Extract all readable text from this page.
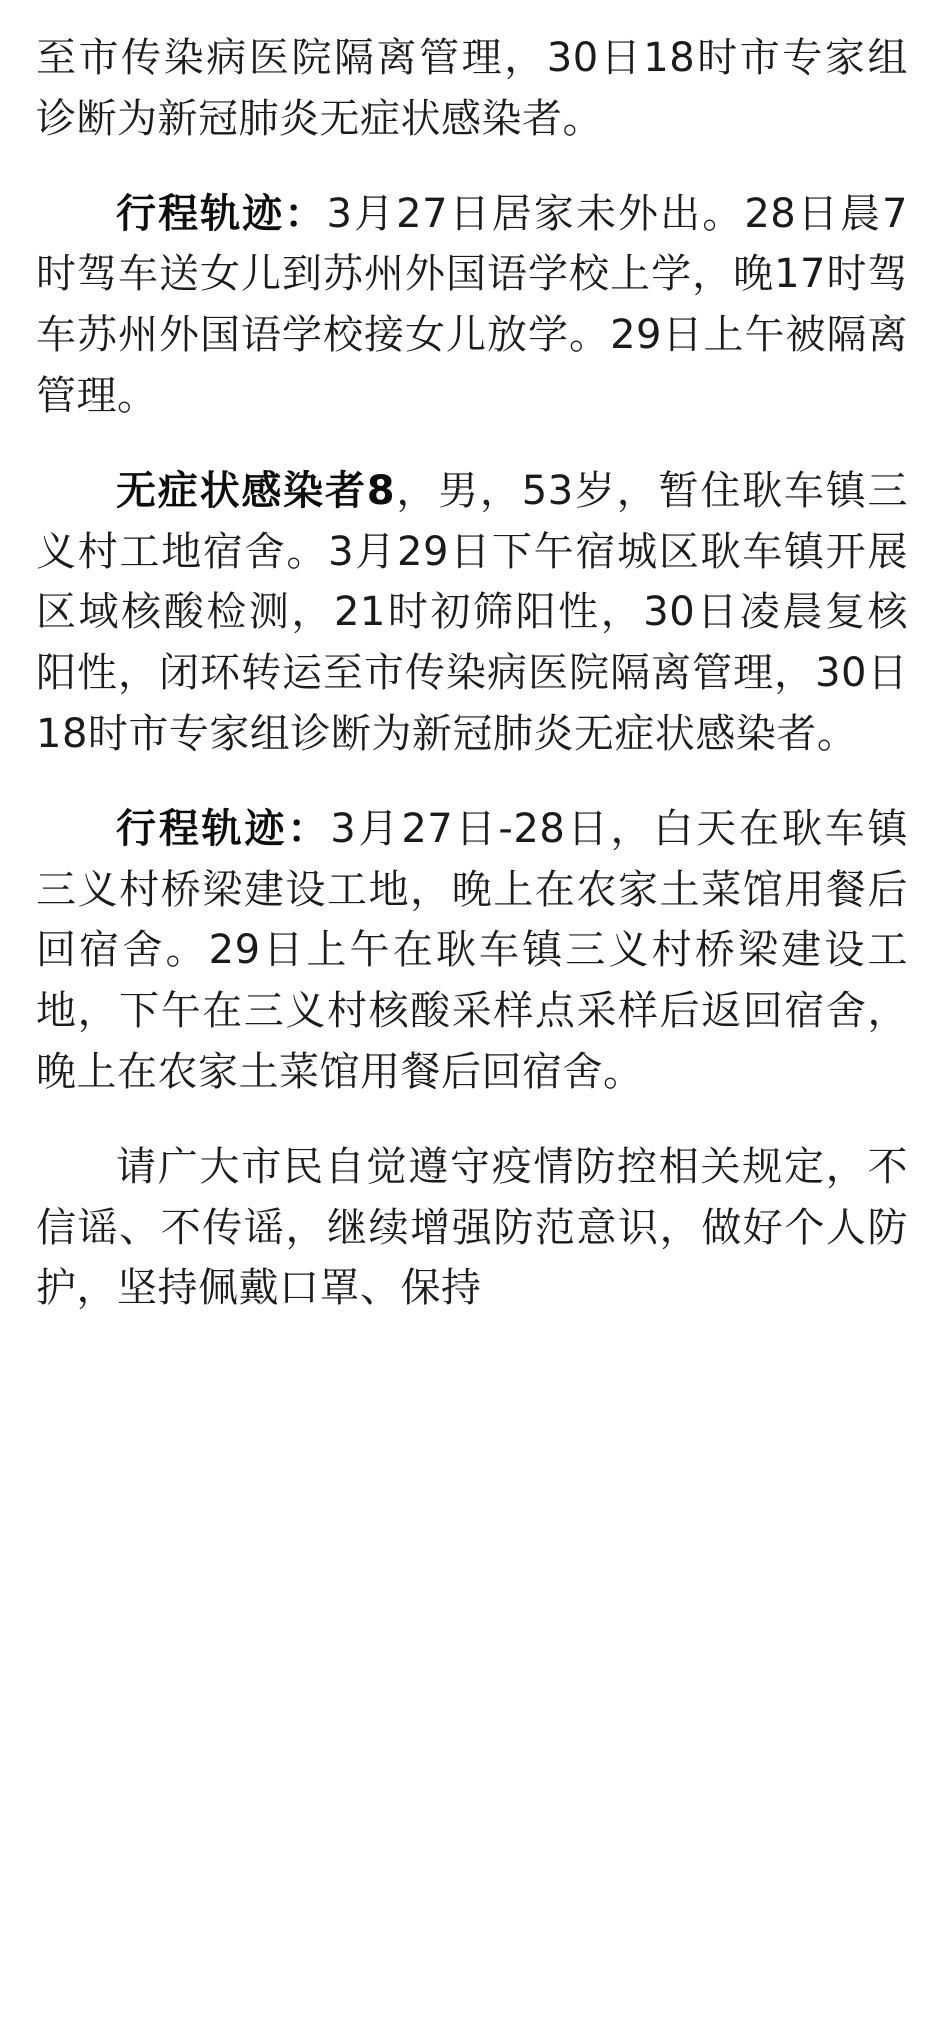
至市传染病医院隔离管理，30日18时市专家组诊断为新冠肺炎无症状感染者。

行程轨迹：3月27日居家未外出。28日晨7时驾车送女儿到苏州外国语学校上学，晚17时驾车苏州外国语学校接女儿放学。29日上午被隔离管理。

无症状感染者8，男，53岁，暂住耿车镇三义村工地宿舍。3月29日下午宿城区耿车镇开展区域核酸检测，21时初筛阳性，30日凌晨复核阳性，闭环转运至市传染病医院隔离管理，30日18时市专家组诊断为新冠肺炎无症状感染者。

行程轨迹：3月27日-28日，白天在耿车镇三义村桥梁建设工地，晚上在农家土菜馆用餐后回宿舍。29日上午在耿车镇三义村桥梁建设工地，下午在三义村核酸采样点采样后返回宿舍，晚上在农家土菜馆用餐后回宿舍。

请广大市民自觉遵守疫情防控相关规定，不信谣、不传谣，继续增强防范意识，做好个人防护，坚持佩戴口罩、保持
